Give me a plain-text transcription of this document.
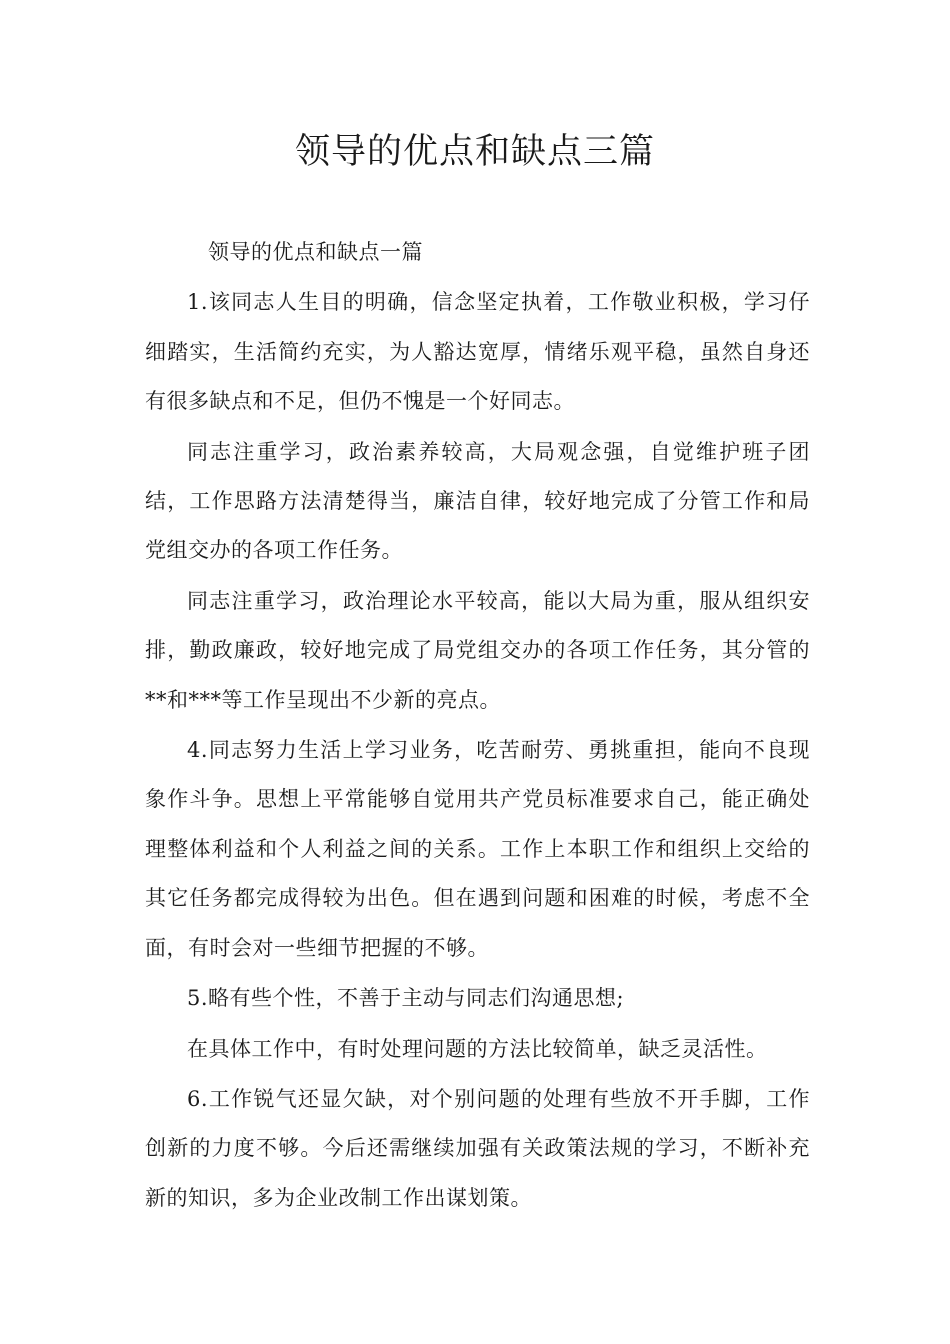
领导的优点和缺点三篇

领导的优点和缺点一篇

1.该同志人生目的明确，信念坚定执着，工作敬业积极，学习仔细踏实，生活简约充实，为人豁达宽厚，情绪乐观平稳，虽然自身还有很多缺点和不足，但仍不愧是一个好同志。

同志注重学习，政治素养较高，大局观念强，自觉维护班子团结，工作思路方法清楚得当，廉洁自律，较好地完成了分管工作和局党组交办的各项工作任务。

同志注重学习，政治理论水平较高，能以大局为重，服从组织安排，勤政廉政，较好地完成了局党组交办的各项工作任务，其分管的**和***等工作呈现出不少新的亮点。

4.同志努力生活上学习业务，吃苦耐劳、勇挑重担，能向不良现象作斗争。思想上平常能够自觉用共产党员标准要求自己，能正确处理整体利益和个人利益之间的关系。工作上本职工作和组织上交给的其它任务都完成得较为出色。但在遇到问题和困难的时候，考虑不全面，有时会对一些细节把握的不够。

5.略有些个性，不善于主动与同志们沟通思想;

在具体工作中，有时处理问题的方法比较简单，缺乏灵活性。

6.工作锐气还显欠缺，对个别问题的处理有些放不开手脚，工作创新的力度不够。今后还需继续加强有关政策法规的学习，不断补充新的知识，多为企业改制工作出谋划策。
